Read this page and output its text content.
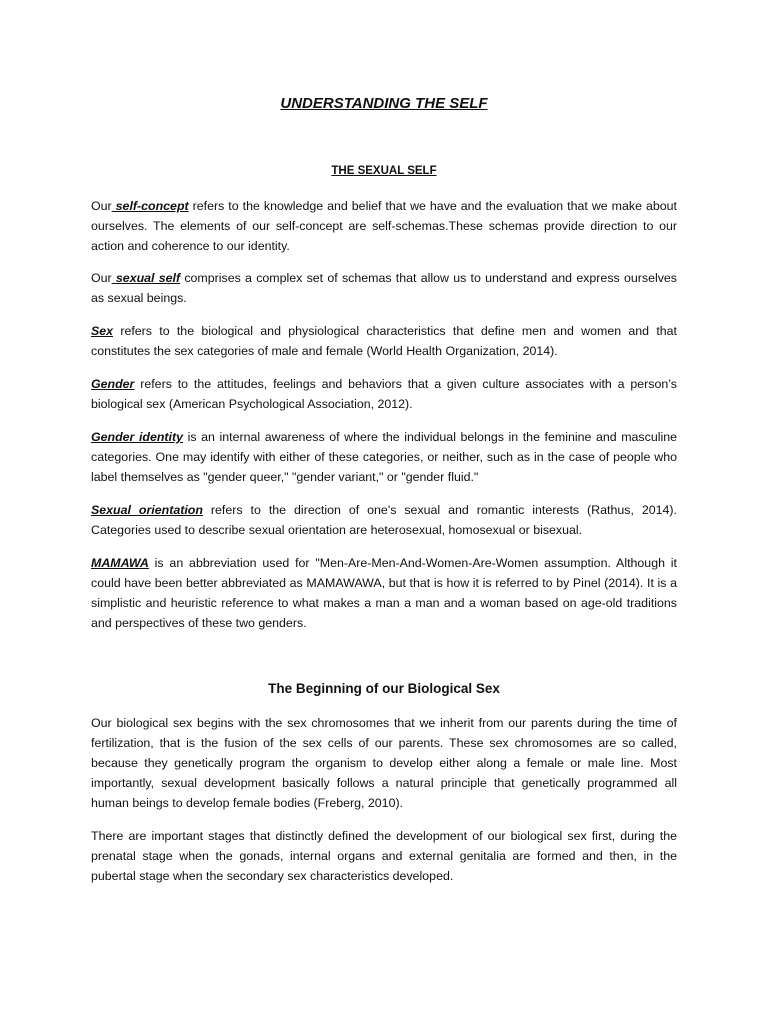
UNDERSTANDING THE SELF
THE SEXUAL SELF

Our self-concept refers to the knowledge and belief that we have and the evaluation that we make about ourselves. The elements of our self-concept are self-schemas.These schemas provide direction to our action and coherence to our identity.

Our sexual self comprises a complex set of schemas that allow us to understand and express ourselves as sexual beings.

Sex refers to the biological and physiological characteristics that define men and women and that constitutes the sex categories of male and female (World Health Organization, 2014).

Gender refers to the attitudes, feelings and behaviors that a given culture associates with a person’s biological sex (American Psychological Association, 2012).

Gender identity is an internal awareness of where the individual belongs in the feminine and masculine categories. One may identify with either of these categories, or neither, such as in the case of people who label themselves as "gender queer," "gender variant," or "gender fluid."

Sexual orientation refers to the direction of one's sexual and romantic interests (Rathus, 2014). Categories used to describe sexual orientation are heterosexual, homosexual or bisexual.

MAMAWA is an abbreviation used for "Men-Are-Men-And-Women-Are-Women assumption. Although it could have been better abbreviated as MAMAWAWA, but that is how it is referred to by Pinel (2014). It is a simplistic and heuristic reference to what makes a man a man and a woman based on age-old traditions and perspectives of these two genders.

The Beginning of our Biological Sex

Our biological sex begins with the sex chromosomes that we inherit from our parents during the time of fertilization, that is the fusion of the sex cells of our parents. These sex chromosomes are so called, because they genetically program the organism to develop either along a female or male line. Most importantly, sexual development basically follows a natural principle that genetically programmed all human beings to develop female bodies (Freberg, 2010).

There are important stages that distinctly defined the development of our biological sex first, during the prenatal stage when the gonads, internal organs and external genitalia are formed and then, in the pubertal stage when the secondary sex characteristics developed.
